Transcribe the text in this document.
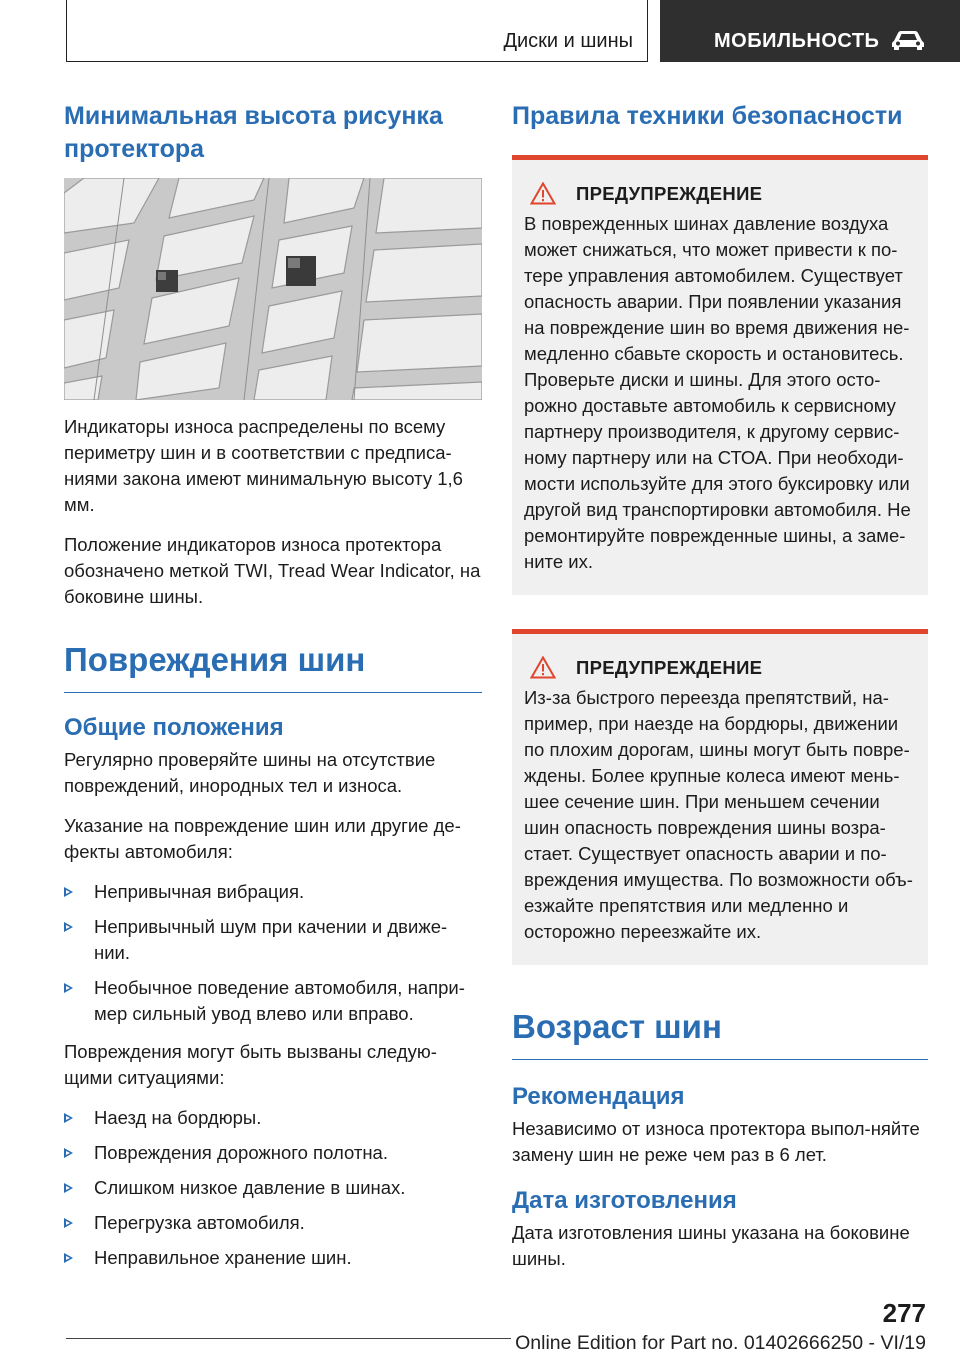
Диски и шины	МОБИЛЬНОСТЬ
Минимальная высота рисунка протектора

Индикаторы износа распределены по всему периметру шин и в соответствии с предписа-ниями закона имеют минимальную высоту 1,6 мм.

Положение индикаторов износа протектора обозначено меткой TWI, Tread Wear Indicator, на боковине шины.

Повреждения шин
Общие положения

Регулярно проверяйте шины на отсутствие повреждений, инородных тел и износа.

Указание на повреждение шин или другие де-фекты автомобиля:

Непривычная вибрация.
Непривычный шум при качении и движе-нии.
Необычное поведение автомобиля, напри-мер сильный увод влево или вправо.

Повреждения могут быть вызваны следую-щими ситуациями:

Наезд на бордюры.
Повреждения дорожного полотна.
Слишком низкое давление в шинах.
Перегрузка автомобиля.
Неправильное хранение шин.
Правила техники безопасности
ПРЕДУПРЕЖДЕНИЕ

В поврежденных шинах давление воздуха может снижаться, что может привести к по-тере управления автомобилем. Существует опасность аварии. При появлении указания на повреждение шин во время движения не-медленно сбавьте скорость и остановитесь. Проверьте диски и шины. Для этого осто-рожно доставьте автомобиль к сервисному партнеру производителя, к другому сервис-ному партнеру или на СТОА. При необходи-мости используйте для этого буксировку или другой вид транспортировки автомобиля. Не ремонтируйте поврежденные шины, а заме-ните их.

ПРЕДУПРЕЖДЕНИЕ

Из-за быстрого переезда препятствий, на-пример, при наезде на бордюры, движении по плохим дорогам, шины могут быть повре-ждены. Более крупные колеса имеют мень-шее сечение шин. При меньшем сечении шин опасность повреждения шины возра-стает. Существует опасность аварии и по-вреждения имущества. По возможности объ-езжайте препятствия или медленно и осторожно переезжайте их.

Возраст шин
Рекомендация

Независимо от износа протектора выпол-няйте замену шин не реже чем раз в 6 лет.

Дата изготовления

Дата изготовления шины указана на боковине шины.

277
Online Edition for Part no. 01402666250 - VI/19
